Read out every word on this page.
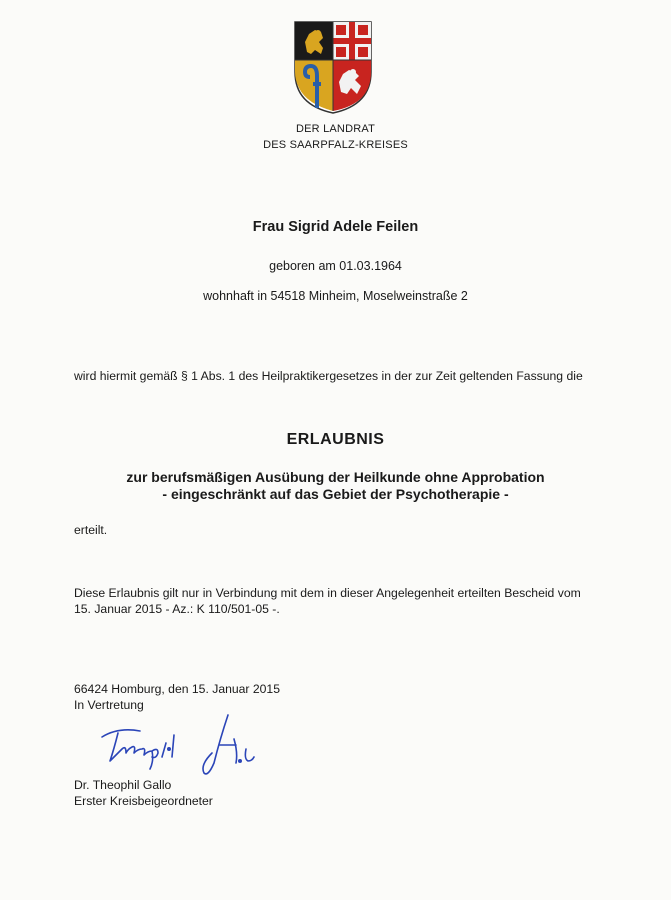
DER LANDRAT
DES SAARPFALZ-KREISES
Frau Sigrid Adele Feilen
geboren am 01.03.1964
wohnhaft in 54518 Minheim, Moselweinstraße 2
wird hiermit gemäß § 1 Abs. 1 des Heilpraktikergesetzes in der zur Zeit geltenden Fassung die
ERLAUBNIS
zur berufsmäßigen Ausübung der Heilkunde ohne Approbation
- eingeschränkt auf das Gebiet der Psychotherapie -
erteilt.
Diese Erlaubnis gilt nur in Verbindung mit dem in dieser Angelegenheit erteilten Bescheid vom 15. Januar 2015 - Az.: K 110/501-05 -.
66424 Homburg, den 15. Januar 2015
In Vertretung
Dr. Theophil Gallo
Erster Kreisbeigeordneter
